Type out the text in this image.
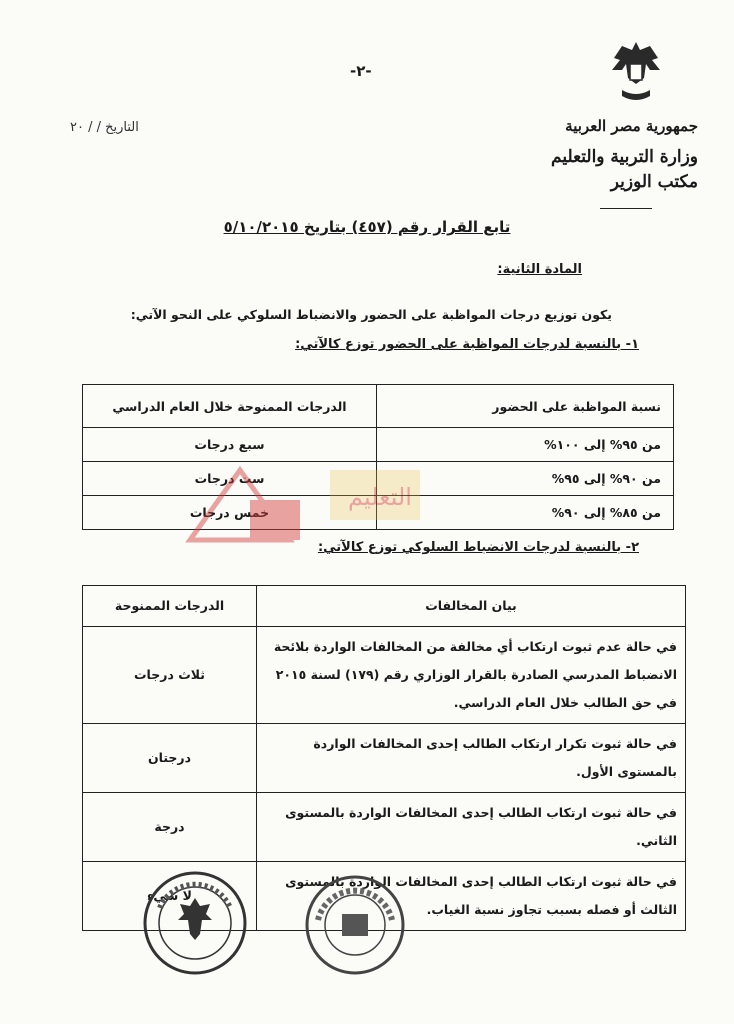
-٢-
التاريخ / / ٢٠	جمهورية مصر العربية
وزارة التربية والتعليم
مكتب الوزير
تابع القرار رقم (٤٥٧) بتاريخ ٥/١٠/٢٠١٥
المادة الثانية:
يكون توزيع درجات المواظبة على الحضور والانضباط السلوكي على النحو الآتي:
١- بالنسبة لدرجات المواظبة على الحضور توزع كالآتي:
نسبة المواظبة على الحضور	الدرجات الممنوحة خلال العام الدراسي
من ٩٥% إلى ١٠٠%	سبع درجات
من ٩٠% إلى ٩٥%	ست درجات
من ٨٥% إلى ٩٠%	خمس درجات
التعليم
٢- بالنسبة لدرجات الانضباط السلوكي توزع كالآتي:
بيان المخالفات	الدرجات الممنوحة
في حالة عدم ثبوت ارتكاب أي مخالفة من المخالفات الواردة بلائحة الانضباط المدرسي الصادرة بالقرار الوزاري رقم (١٧٩) لسنة ٢٠١٥ في حق الطالب خلال العام الدراسي.	ثلاث درجات
في حالة ثبوت تكرار ارتكاب الطالب إحدى المخالفات الواردة بالمستوى الأول.	درجتان
في حالة ثبوت ارتكاب الطالب إحدى المخالفات الواردة بالمستوى الثاني.	درجة
في حالة ثبوت ارتكاب الطالب إحدى المخالفات الواردة بالمستوى الثالث أو فصله بسبب تجاوز نسبة الغياب.	لا شيء
